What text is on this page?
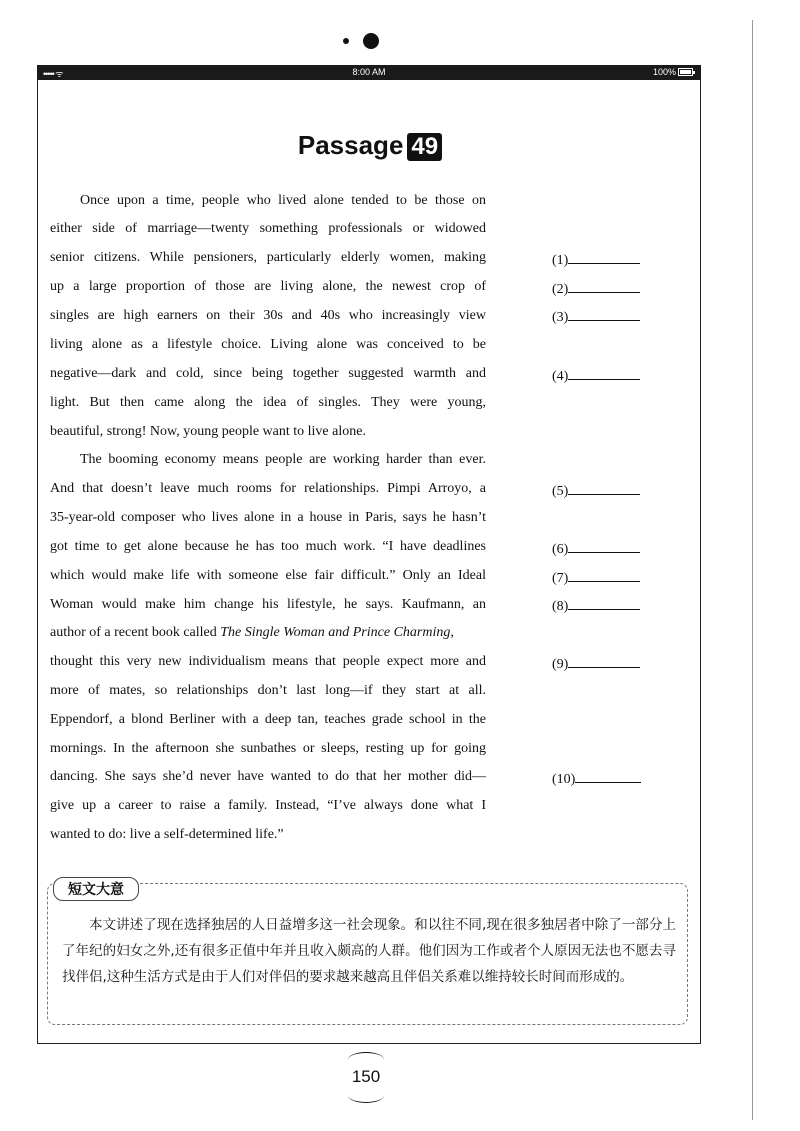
••••• ᯤ	8:00 AM	100%
Passage 49
Once upon a time, people who lived alone tended to be those on
either side of marriage—twenty something professionals or widowed
senior citizens. While pensioners, particularly elderly women, making
up a large proportion of those are living alone, the newest crop of
singles are high earners on their 30s and 40s who increasingly view
living alone as a lifestyle choice. Living alone was conceived to be
negative—dark and cold, since being together suggested warmth and
light. But then came along the idea of singles. They were young,
beautiful, strong! Now, young people want to live alone.
The booming economy means people are working harder than ever.
And that doesn’t leave much rooms for relationships. Pimpi Arroyo, a
35-year-old composer who lives alone in a house in Paris, says he hasn’t
got time to get alone because he has too much work. “I have deadlines
which would make life with someone else fair difficult.” Only an Ideal
Woman would make him change his lifestyle, he says. Kaufmann, an
author of a recent book called The Single Woman and Prince Charming,
thought this very new individualism means that people expect more and
more of mates, so relationships don’t last long—if they start at all.
Eppendorf, a blond Berliner with a deep tan, teaches grade school in the
mornings. In the afternoon she sunbathes or sleeps, resting up for going
dancing. She says she’d never have wanted to do that her mother did—
give up a career to raise a family. Instead, “I’ve always done what I
wanted to do: live a self-determined life.”
(1)
(2)
(3)
(4)
(5)
(6)
(7)
(8)
(9)
(10)
短文大意
本文讲述了现在选择独居的人日益增多这一社会现象。和以往不同,现在很多独居者中除了一部分上了年纪的妇女之外,还有很多正值中年并且收入颇高的人群。他们因为工作或者个人原因无法也不愿去寻找伴侣,这种生活方式是由于人们对伴侣的要求越来越高且伴侣关系难以维持较长时间而形成的。
150
